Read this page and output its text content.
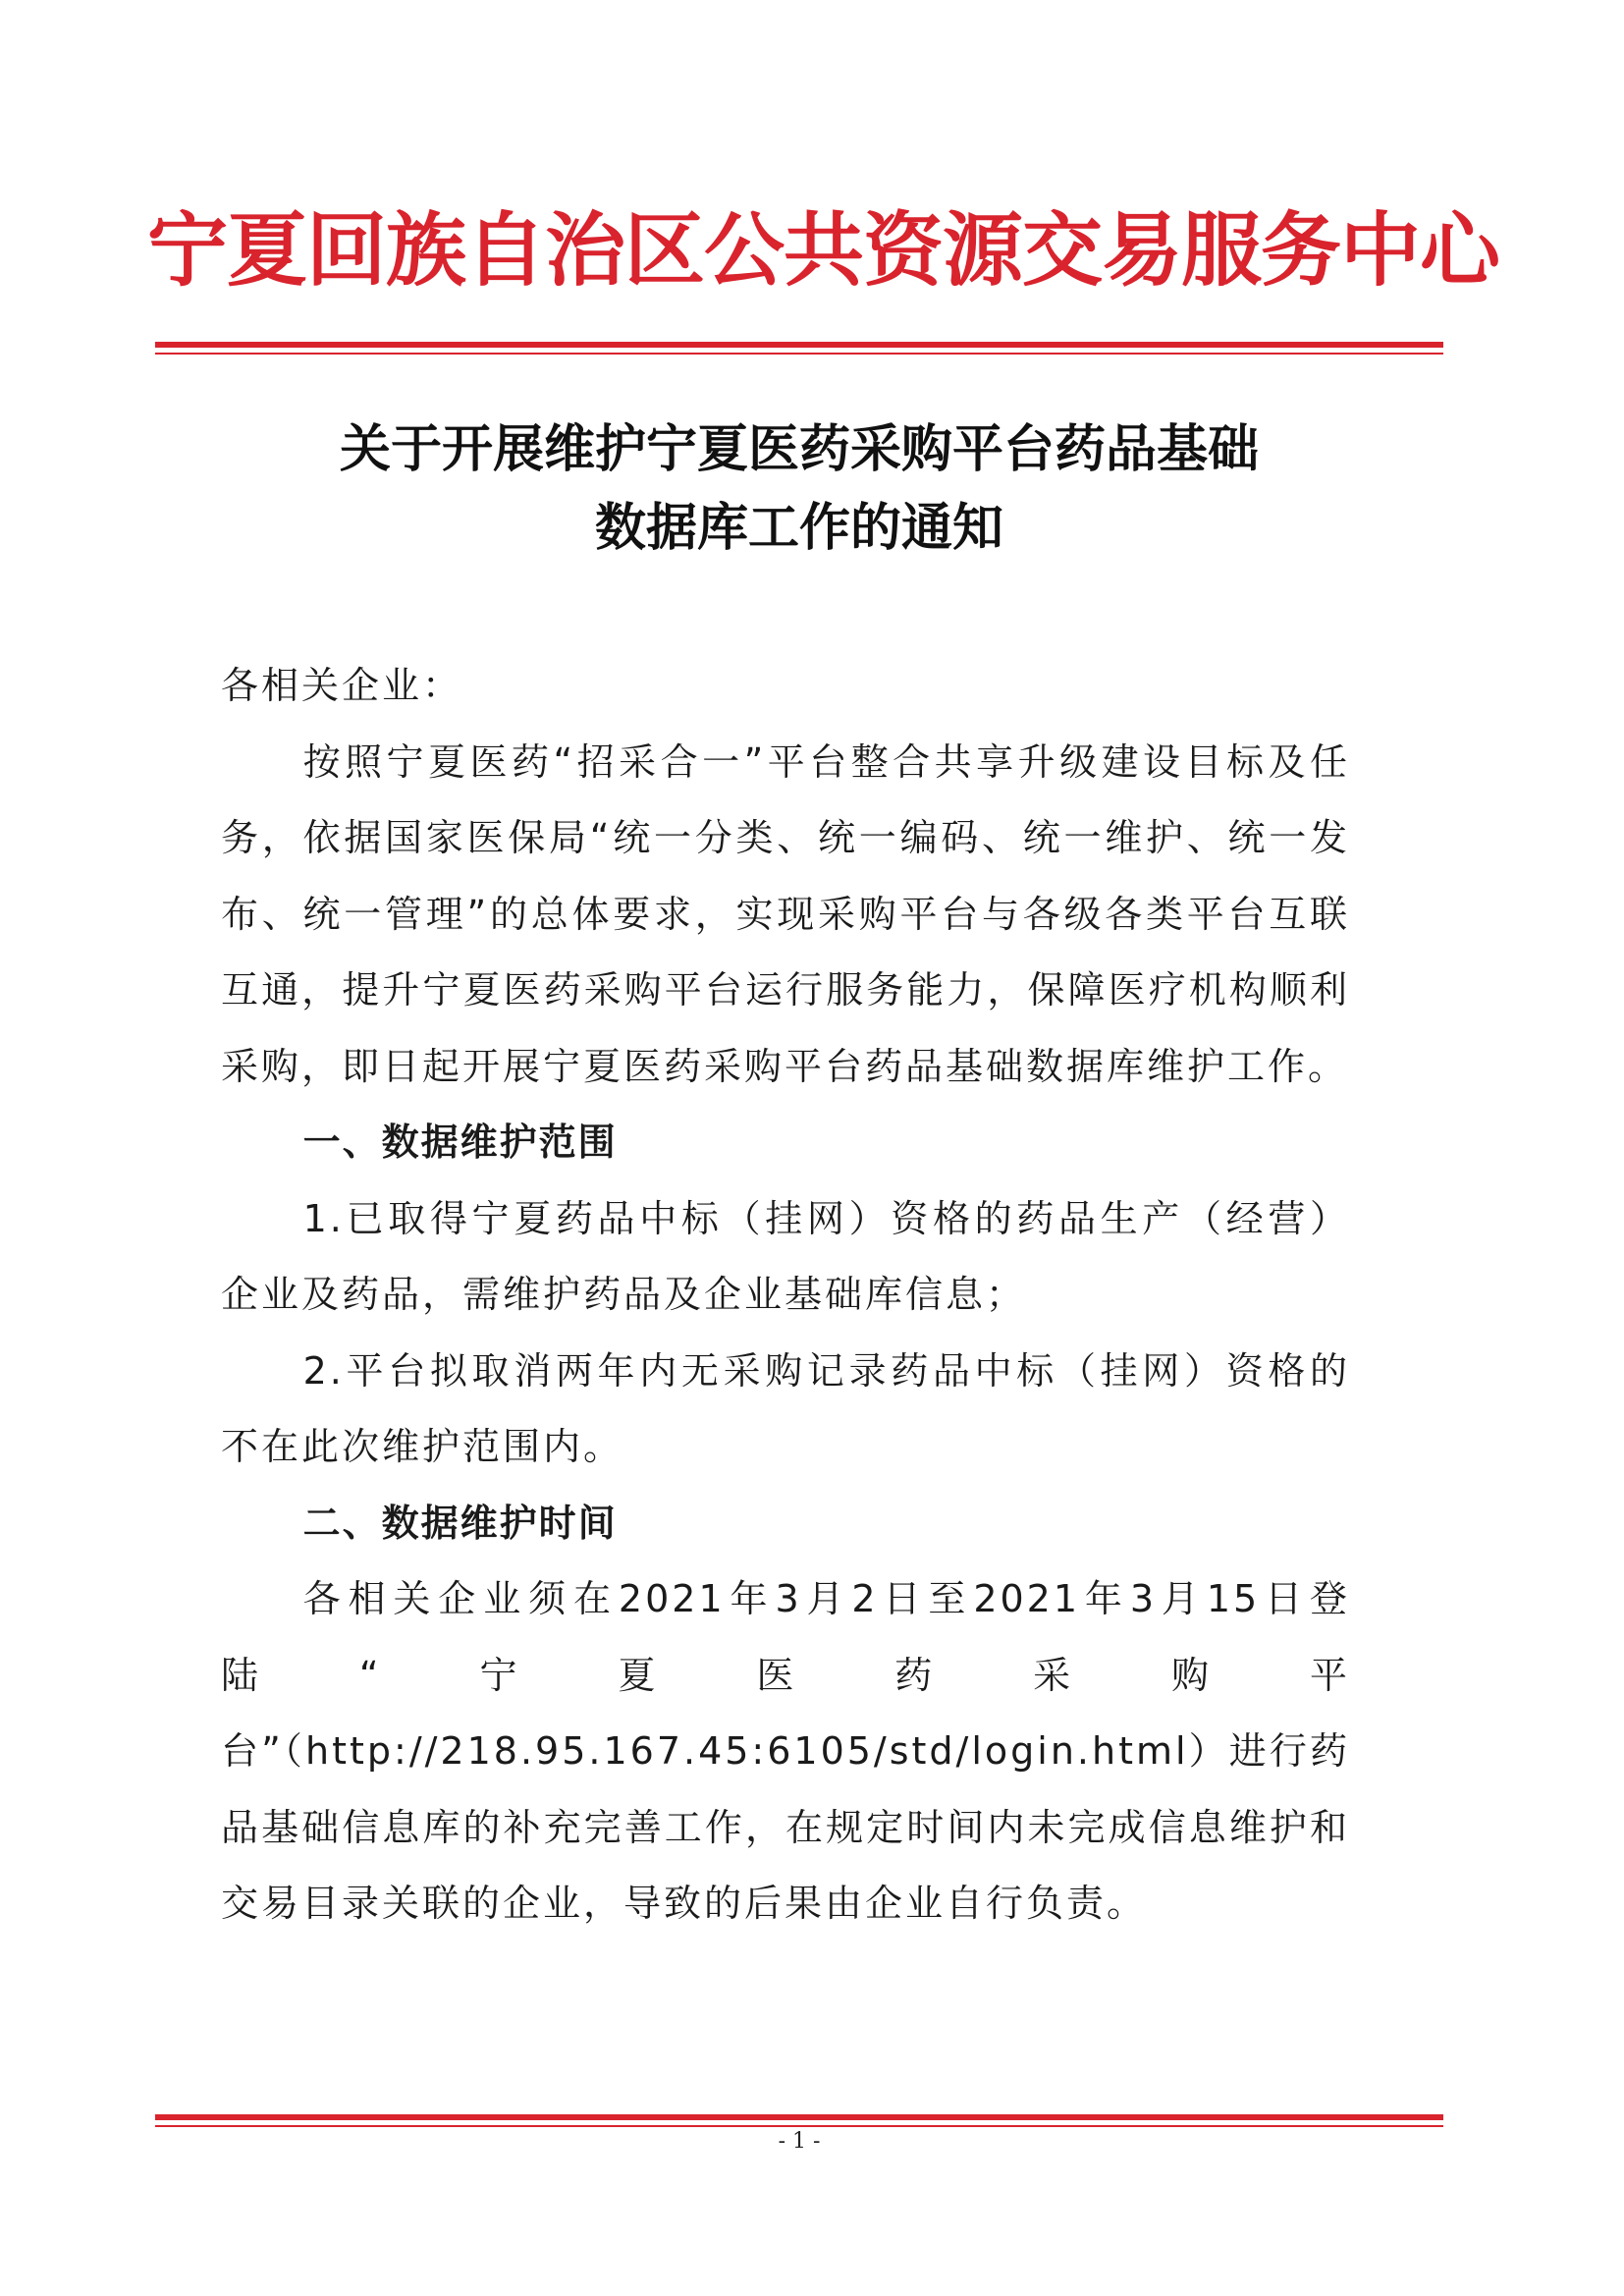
宁夏回族自治区公共资源交易服务中心
关于开展维护宁夏医药采购平台药品基础
数据库工作的通知

各相关企业：

按照宁夏医药“招采合一”平台整合共享升级建设目标及任务，依据国家医保局“统一分类、统一编码、统一维护、统一发布、统一管理”的总体要求，实现采购平台与各级各类平台互联互通，提升宁夏医药采购平台运行服务能力，保障医疗机构顺利采购，即日起开展宁夏医药采购平台药品基础数据库维护工作。

一、数据维护范围

1.已取得宁夏药品中标（挂网）资格的药品生产（经营）企业及药品，需维护药品及企业基础库信息；

2.平台拟取消两年内无采购记录药品中标（挂网）资格的不在此次维护范围内。

二、数据维护时间

各相关企业须在2021年3月2日至2021年3月15日登陆“宁夏医药采购平台”（http://218.95.167.45:6105/std/login.html）进行药品基础信息库的补充完善工作，在规定时间内未完成信息维护和交易目录关联的企业，导致的后果由企业自行负责。

- 1 -
